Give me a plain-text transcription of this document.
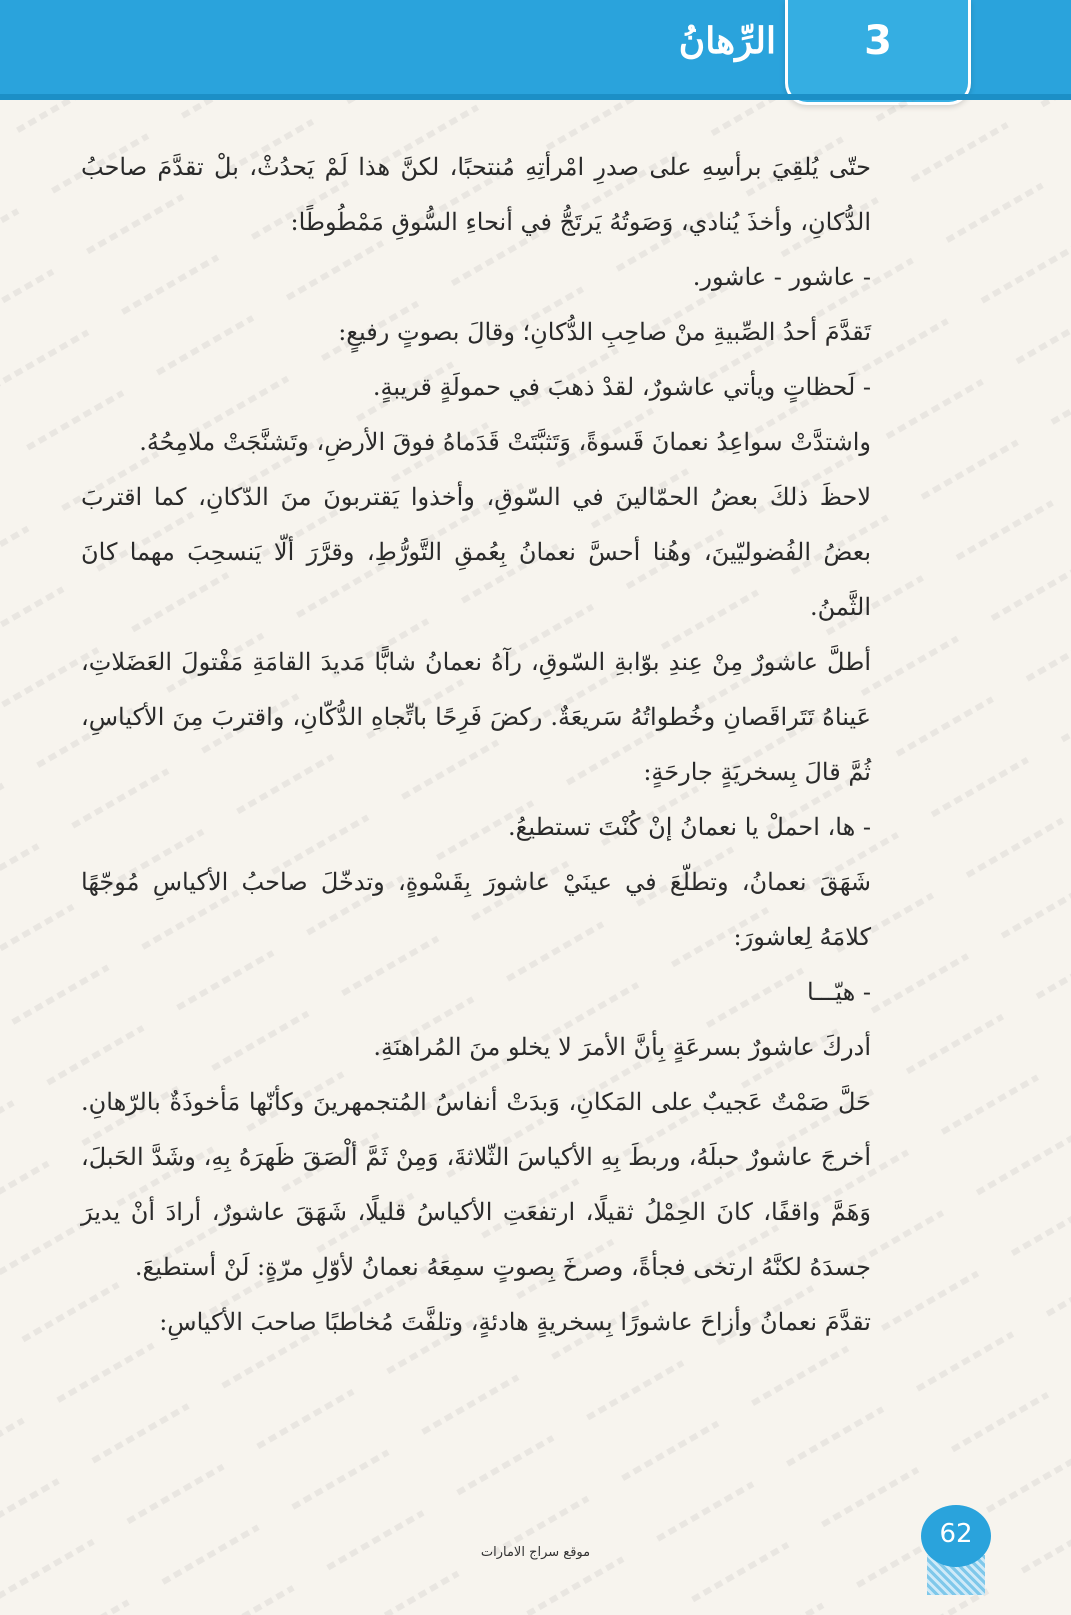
الرِّهانُ	3

حتّى يُلقِيَ برأسِهِ على صدرِ امْرأتِهِ مُنتحبًا، لكنَّ هذا لَمْ يَحدُثْ، بلْ تقدَّمَ صاحبُ الدُّكانِ، وأخذَ يُنادي، وَصَوتُهُ يَرتَجُّ في أنحاءِ السُّوقِ مَمْطُوطًا:

- عاشور - عاشور.

تَقدَّمَ أحدُ الصِّبيةِ منْ صاحِبِ الدُّكانِ؛ وقالَ بصوتٍ رفيعٍ:

- لَحظاتٍ ويأتي عاشورٌ، لقدْ ذهبَ في حمولَةٍ قريبةٍ.

واشتدَّتْ سواعِدُ نعمانَ قَسوةً، وَتَثبَّتَتْ قَدَماهُ فوقَ الأرضِ، وتَشنَّجَتْ ملامِحُهُ.

لاحظَ ذلكَ بعضُ الحمّالينَ في السّوقِ، وأخذوا يَقتربونَ منَ الدّكانِ، كما اقتربَ بعضُ الفُضوليّينَ، وهُنا أحسَّ نعمانُ بِعُمقِ التَّورُّطِ، وقرَّرَ ألّا يَنسحِبَ مهما كانَ الثَّمنُ.

أطلَّ عاشورٌ مِنْ عِندِ بوّابةِ السّوقِ، رآهُ نعمانُ شابًّا مَديدَ القامَةِ مَفْتولَ العَضَلاتِ، عَيناهُ تَتَراقَصانِ وخُطواتُهُ سَريعَةٌ. ركضَ فَرِحًا باتِّجاهِ الدُّكّانِ، واقتربَ مِنَ الأكياسِ، ثُمَّ قالَ بِسخريَةٍ جارحَةٍ:

- ها، احملْ يا نعمانُ إنْ كُنْتَ تستطيعُ.

شَهَقَ نعمانُ، وتطلّعَ في عينَيْ عاشورَ بِقَسْوةٍ، وتدخّلَ صاحبُ الأكياسِ مُوجّهًا كلامَهُ لِعاشورَ:

- هيّـــا

أدركَ عاشورٌ بسرعَةٍ بِأنَّ الأمرَ لا يخلو منَ المُراهنَةِ.

حَلَّ صَمْتٌ عَجيبٌ على المَكانِ، وَبدَتْ أنفاسُ المُتجمهرينَ وكأنّها مَأخوذَةٌ بالرّهانِ. أخرجَ عاشورٌ حبلَهُ، وربطَ بِهِ الأكياسَ الثّلاثةَ، وَمِنْ ثَمَّ ألْصَقَ ظَهرَهُ بِهِ، وشَدَّ الحَبلَ، وَهَمَّ واقفًا، كانَ الحِمْلُ ثقيلًا، ارتفعَتِ الأكياسُ قليلًا، شَهَقَ عاشورٌ، أرادَ أنْ يديرَ جسدَهُ لكنَّهُ ارتخى فجأةً، وصرخَ بِصوتٍ سمِعَهُ نعمانُ لأوّلِ مرّةٍ: لَنْ أستطيعَ.

تقدَّمَ نعمانُ وأزاحَ عاشورًا بِسخريةٍ هادئةٍ، وتلفَّتَ مُخاطبًا صاحبَ الأكياسِ:

موقع سراج الامارات
62
